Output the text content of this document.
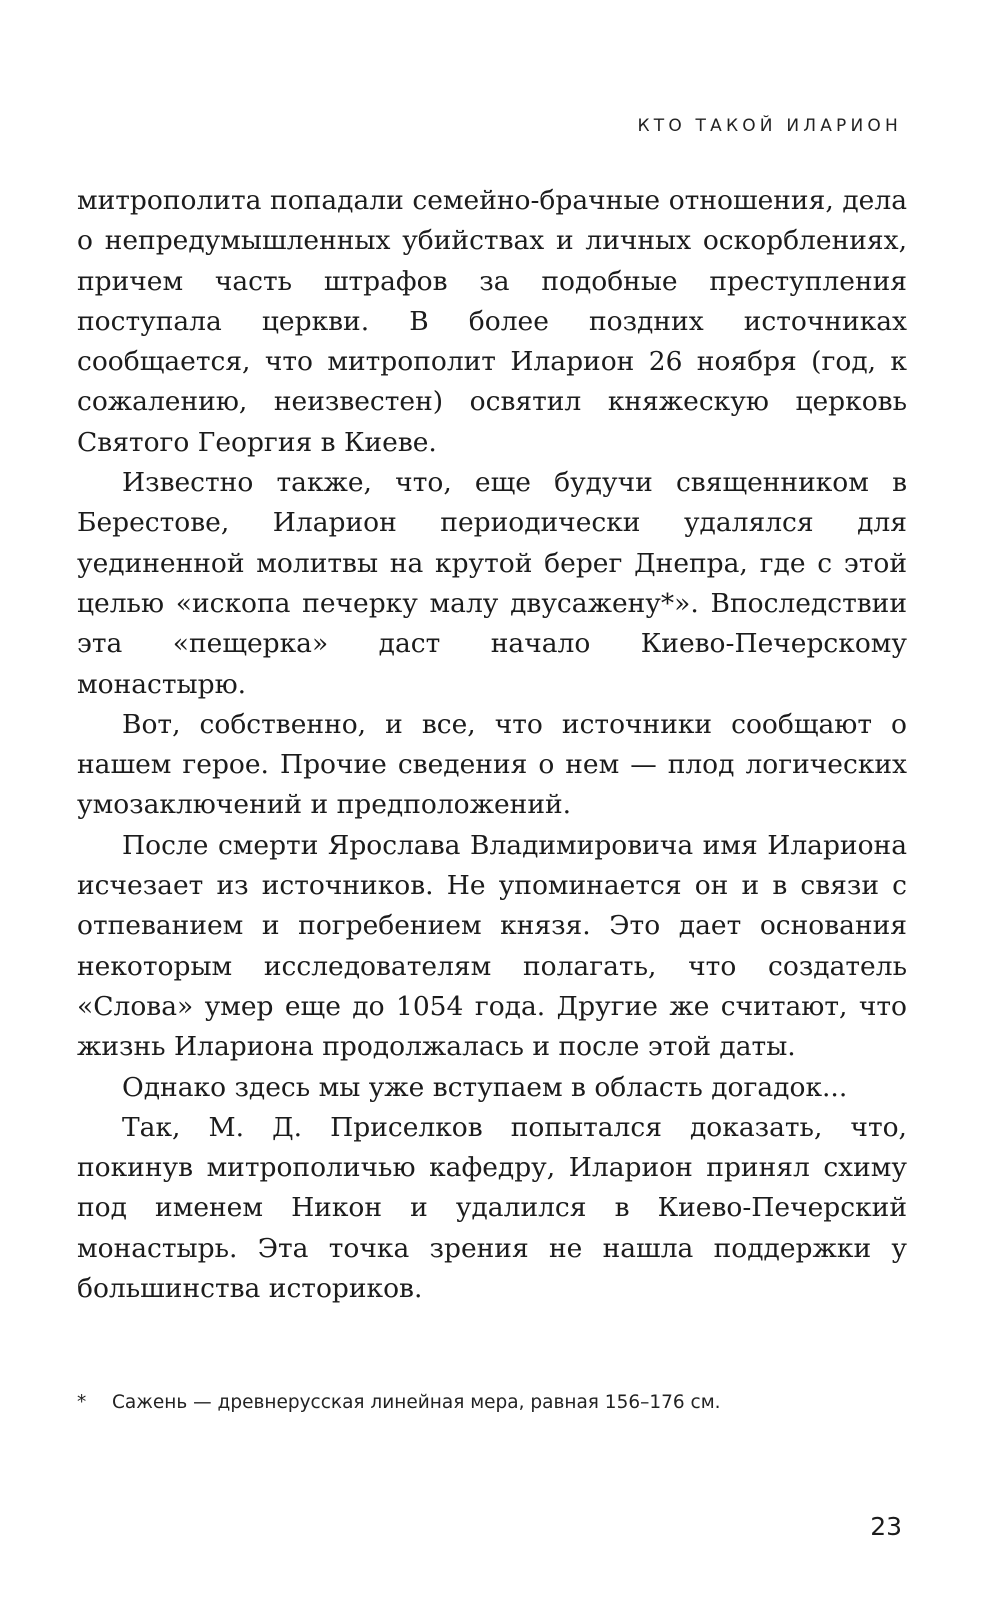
КТО ТАКОЙ ИЛАРИОН

митрополита попадали семейно-брачные отношения, дела о непредумышленных убийствах и личных оскорблениях, причем часть штрафов за подобные преступления поступала церкви. В более поздних источниках сообщается, что митрополит Иларион 26 ноября (год, к сожалению, неизвестен) освятил княжескую церковь Святого Георгия в Киеве.

Известно также, что, еще будучи священником в Берестове, Иларион периодически удалялся для уединенной молитвы на крутой берег Днепра, где с этой целью «ископа печерку малу двусажену*». Впоследствии эта «пещерка» даст начало Киево-Печерскому монастырю.

Вот, собственно, и все, что источники сообщают о нашем герое. Прочие сведения о нем — плод логических умозаключений и предположений.

После смерти Ярослава Владимировича имя Илариона исчезает из источников. Не упоминается он и в связи с отпеванием и погребением князя. Это дает основания некоторым исследователям полагать, что создатель «Слова» умер еще до 1054 года. Другие же считают, что жизнь Илариона продолжалась и после этой даты.

Однако здесь мы уже вступаем в область догадок...

Так, М. Д. Приселков попытался доказать, что, покинув митрополичью кафедру, Иларион принял схиму под именем Никон и удалился в Киево-Печерский монастырь. Эта точка зрения не нашла поддержки у большинства историков.

* Сажень — древнерусская линейная мера, равная 156–176 см.
23
